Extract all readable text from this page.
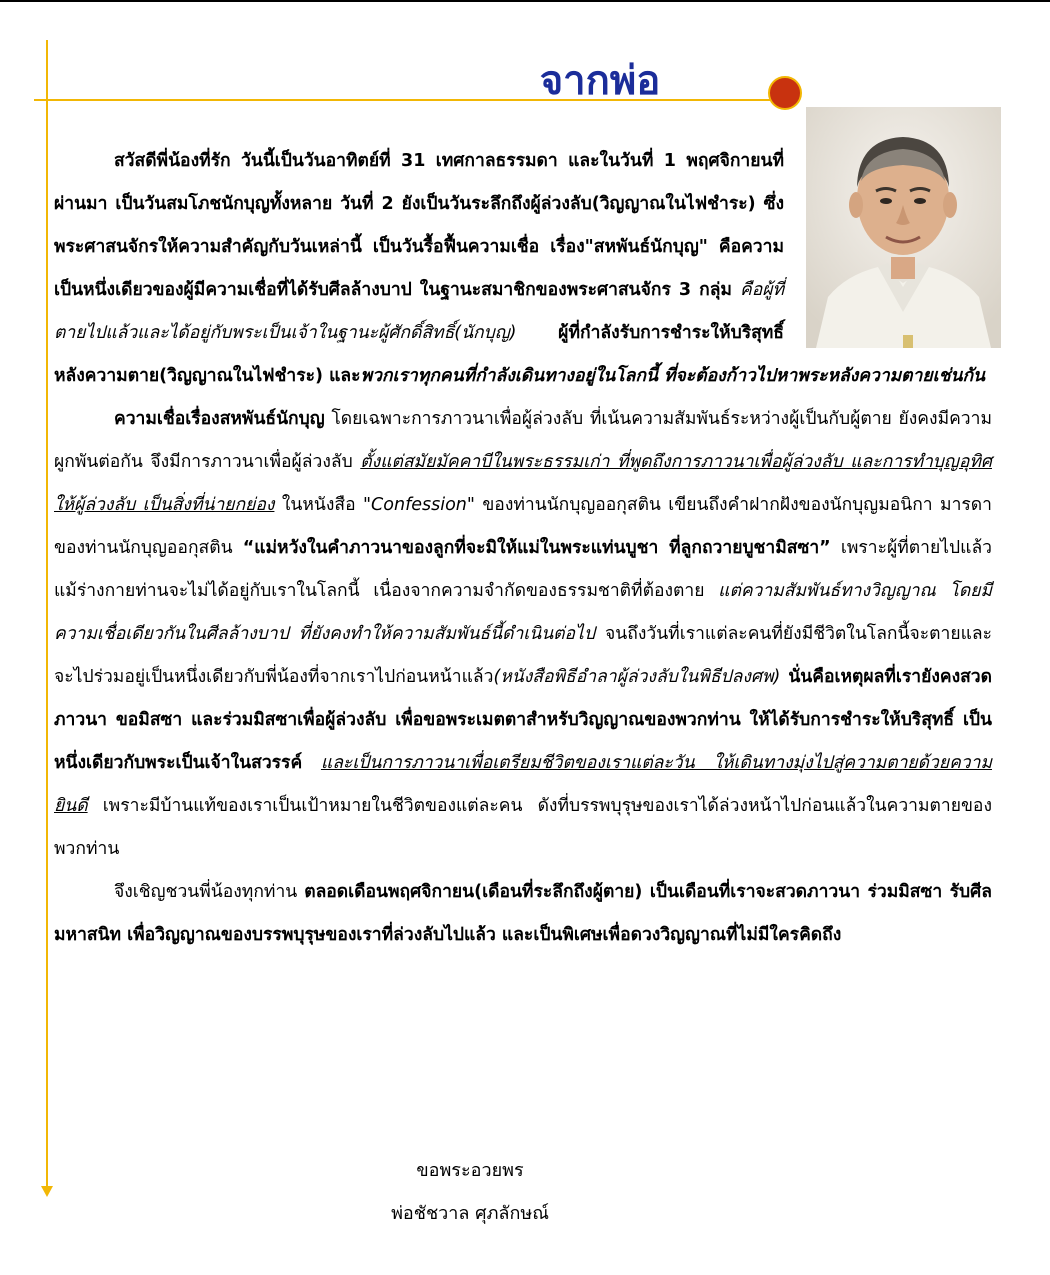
จากพ่อ

สวัสดีพี่น้องที่รัก วันนี้เป็นวันอาทิตย์ที่ 31 เทศกาลธรรมดา และในวันที่ 1 พฤศจิกายนที่ผ่านมา เป็นวันสมโภชนักบุญทั้งหลาย วันที่ 2 ยังเป็นวันระลึกถึงผู้ล่วงลับ(วิญญาณในไฟชำระ) ซึ่งพระศาสนจักรให้ความสำคัญกับวันเหล่านี้ เป็นวันรื้อฟื้นความเชื่อ เรื่อง"สหพันธ์นักบุญ" คือความเป็นหนึ่งเดียวของผู้มีความเชื่อที่ได้รับศีลล้างบาป ในฐานะสมาชิกของพระศาสนจักร 3 กลุ่ม คือผู้ที่ตายไปแล้วและได้อยู่กับพระเป็นเจ้าในฐานะผู้ศักดิ์สิทธิ์(นักบุญ) ผู้ที่กำลังรับการชำระให้บริสุทธิ์หลังความตาย(วิญญาณในไฟชำระ) และพวกเราทุกคนที่กำลังเดินทางอยู่ในโลกนี้ ที่จะต้องก้าวไปหาพระหลังความตายเช่นกัน

ความเชื่อเรื่องสหพันธ์นักบุญ โดยเฉพาะการภาวนาเพื่อผู้ล่วงลับ ที่เน้นความสัมพันธ์ระหว่างผู้เป็นกับผู้ตาย ยังคงมีความผูกพันต่อกัน จึงมีการภาวนาเพื่อผู้ล่วงลับ ตั้งแต่สมัยมัคคาบีในพระธรรมเก่า ที่พูดถึงการภาวนาเพื่อผู้ล่วงลับ และการทำบุญอุทิศให้ผู้ล่วงลับ เป็นสิ่งที่น่ายกย่อง ในหนังสือ "Confession" ของท่านนักบุญออกุสติน เขียนถึงคำฝากฝังของนักบุญมอนิกา มารดาของท่านนักบุญออกุสติน “แม่หวังในคำภาวนาของลูกที่จะมิให้แม่ในพระแท่นบูชา ที่ลูกถวายบูชามิสซา” เพราะผู้ที่ตายไปแล้ว แม้ร่างกายท่านจะไม่ได้อยู่กับเราในโลกนี้ เนื่องจากความจำกัดของธรรมชาติที่ต้องตาย แต่ความสัมพันธ์ทางวิญญาณ โดยมีความเชื่อเดียวกันในศีลล้างบาป ที่ยังคงทำให้ความสัมพันธ์นี้ดำเนินต่อไป จนถึงวันที่เราแต่ละคนที่ยังมีชีวิตในโลกนี้จะตายและจะไปร่วมอยู่เป็นหนึ่งเดียวกับพี่น้องที่จากเราไปก่อนหน้าแล้ว(หนังสือพิธีอำลาผู้ล่วงลับในพิธีปลงศพ) นั่นคือเหตุผลที่เรายังคงสวดภาวนา ขอมิสซา และร่วมมิสซาเพื่อผู้ล่วงลับ เพื่อขอพระเมตตาสำหรับวิญญาณของพวกท่าน ให้ได้รับการชำระให้บริสุทธิ์ เป็นหนึ่งเดียวกับพระเป็นเจ้าในสวรรค์ และเป็นการภาวนาเพื่อเตรียมชีวิตของเราแต่ละวัน ให้เดินทางมุ่งไปสู่ความตายด้วยความยินดี เพราะมีบ้านแท้ของเราเป็นเป้าหมายในชีวิตของแต่ละคน ดังที่บรรพบุรุษของเราได้ล่วงหน้าไปก่อนแล้วในความตายของพวกท่าน

จึงเชิญชวนพี่น้องทุกท่าน ตลอดเดือนพฤศจิกายน(เดือนที่ระลึกถึงผู้ตาย) เป็นเดือนที่เราจะสวดภาวนา ร่วมมิสซา รับศีลมหาสนิท เพื่อวิญญาณของบรรพบุรุษของเราที่ล่วงลับไปแล้ว และเป็นพิเศษเพื่อดวงวิญญาณที่ไม่มีใครคิดถึง

ขอพระอวยพร
พ่อชัชวาล ศุภลักษณ์
